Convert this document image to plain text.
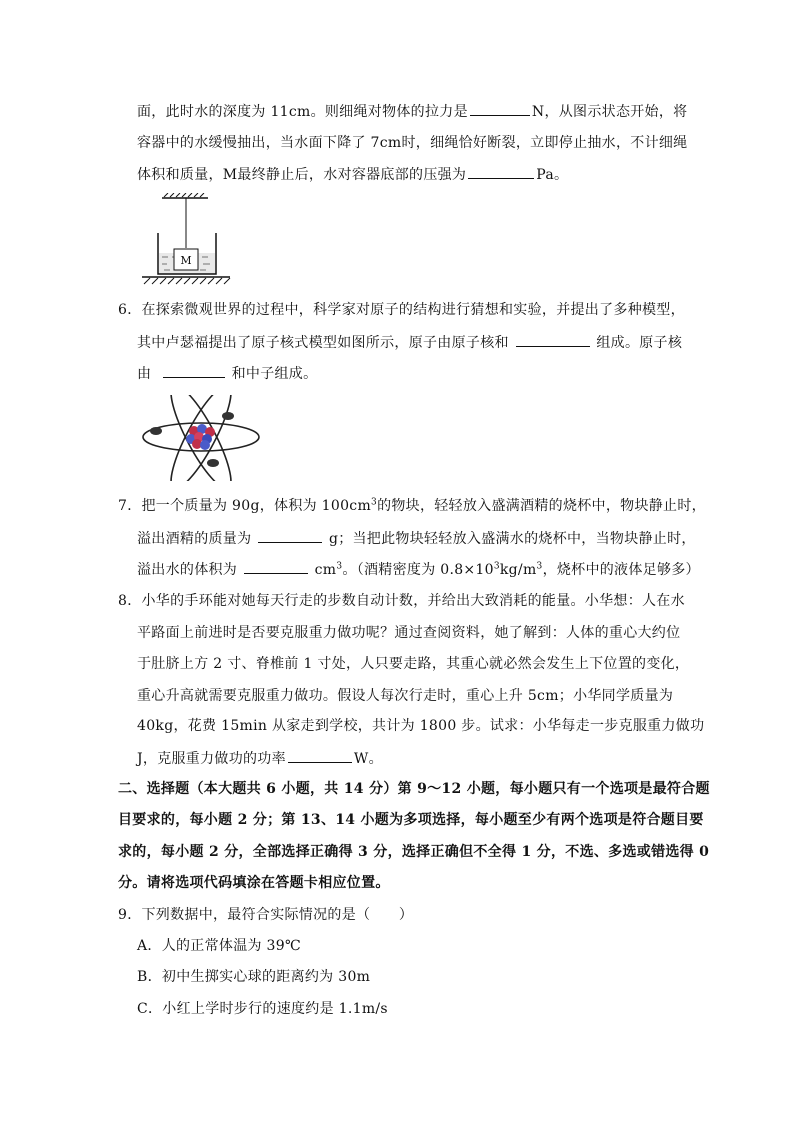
面，此时水的深度为 11cm。则细绳对物体的拉力是	N，从图示状态开始，将
容器中的水缓慢抽出，当水面下降了 7cm时，细绳恰好断裂，立即停止抽水，不计细绳
体积和质量，M最终静止后，水对容器底部的压强为	Pa。
M
6．在探索微观世界的过程中，科学家对原子的结构进行猜想和实验，并提出了多种模型，
其中卢瑟福提出了原子核式模型如图所示，原子由原子核和	组成。原子核
由	和中子组成。
7．把一个质量为 90g，体积为 $100cm^3$的物块，轻轻放入盛满酒精的烧杯中，物块静止时，
溢出酒精的质量为	g；当把此物块轻轻放入盛满水的烧杯中，当物块静止时，
溢出水的体积为	$cm^3$。（酒精密度为 $0.8\times 10^3kg/m^3$，烧杯中的液体足够多）
8．小华的手环能对她每天行走的步数自动计数，并给出大致消耗的能量。小华想：人在水
平路面上前进时是否要克服重力做功呢？通过查阅资料，她了解到：人体的重心大约位
于肚脐上方 2 寸、脊椎前 1 寸处，人只要走路，其重心就必然会发生上下位置的变化，
重心升高就需要克服重力做功。假设人每次行走时，重心上升 5cm；小华同学质量为
40kg，花费 15min 从家走到学校，共计为 1800 步。试求：小华每走一步克服重力做功
J，克服重力做功的功率	W。
二、选择题（本大题共 6 小题，共 14 分）第 9～12 小题，每小题只有一个选项是最符合题
目要求的，每小题 2 分；第 13、14 小题为多项选择，每小题至少有两个选项是符合题目要
求的，每小题 2 分，全部选择正确得 3 分，选择正确但不全得 1 分，不选、多选或错选得 0
分。请将选项代码填涂在答题卡相应位置。
9．下列数据中，最符合实际情况的是（　　）
A．人的正常体温为 39℃
B．初中生掷实心球的距离约为 30m
C．小红上学时步行的速度约是 1.1m/s
